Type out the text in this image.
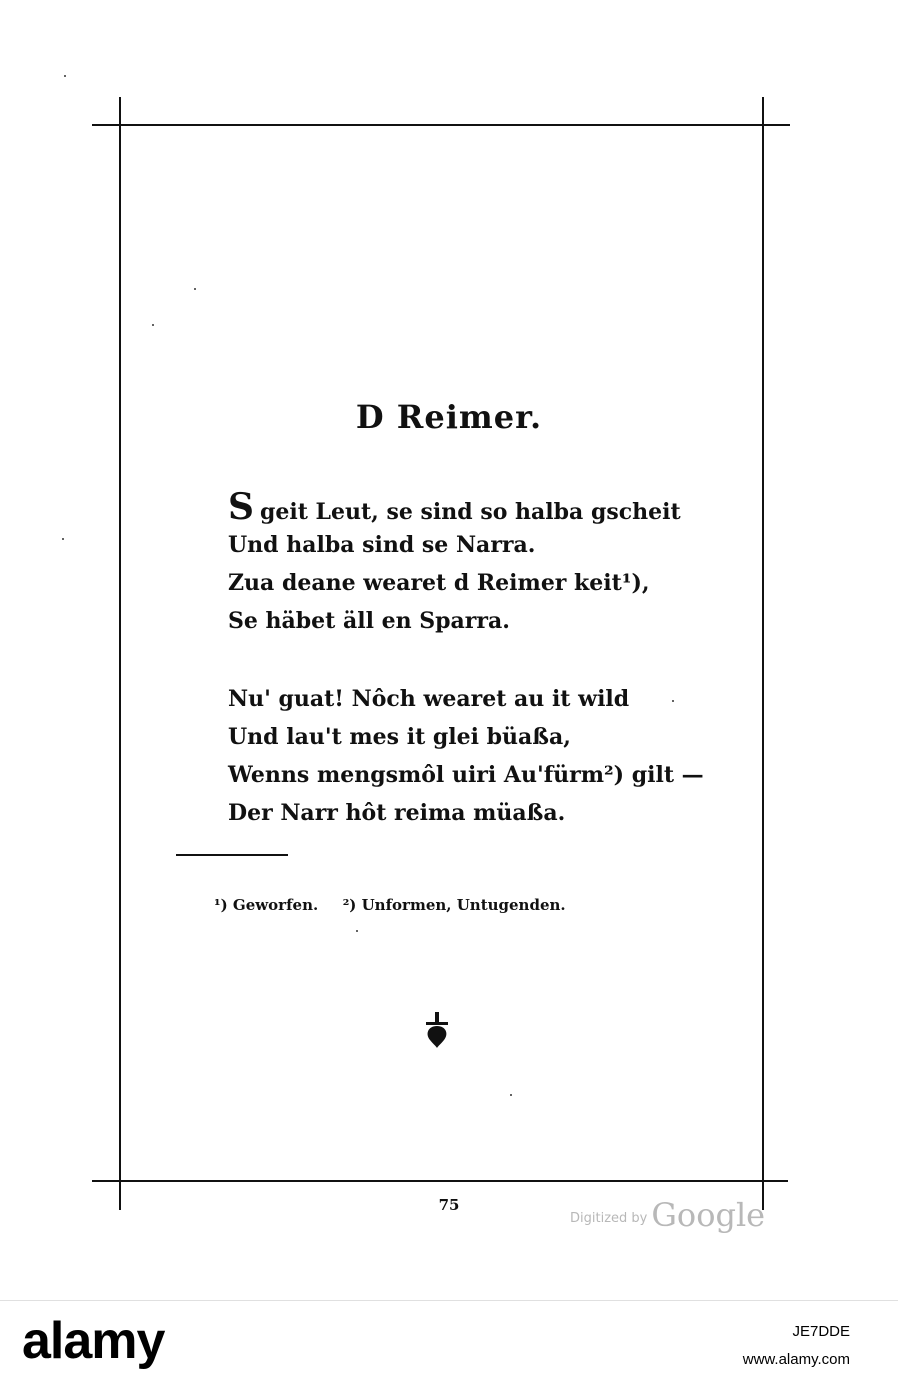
D Reimer.
Sgeit Leut, se sind so halba gscheit
Und halba sind se Narra.
Zua deane wearet d Reimer keit¹),
Se häbet äll en Sparra.
Nu' guat! Nôch wearet au it wild
Und lau't mes it glei büaßa,
Wenns mengsmôl uiri Au'fürm²) gilt —
Der Narr hôt reima müaßa.
¹) Geworfen. ²) Unformen, Untugenden.
75
$^{Digitized by}$ Google
alamy	JE7DDE
www.alamy.com
